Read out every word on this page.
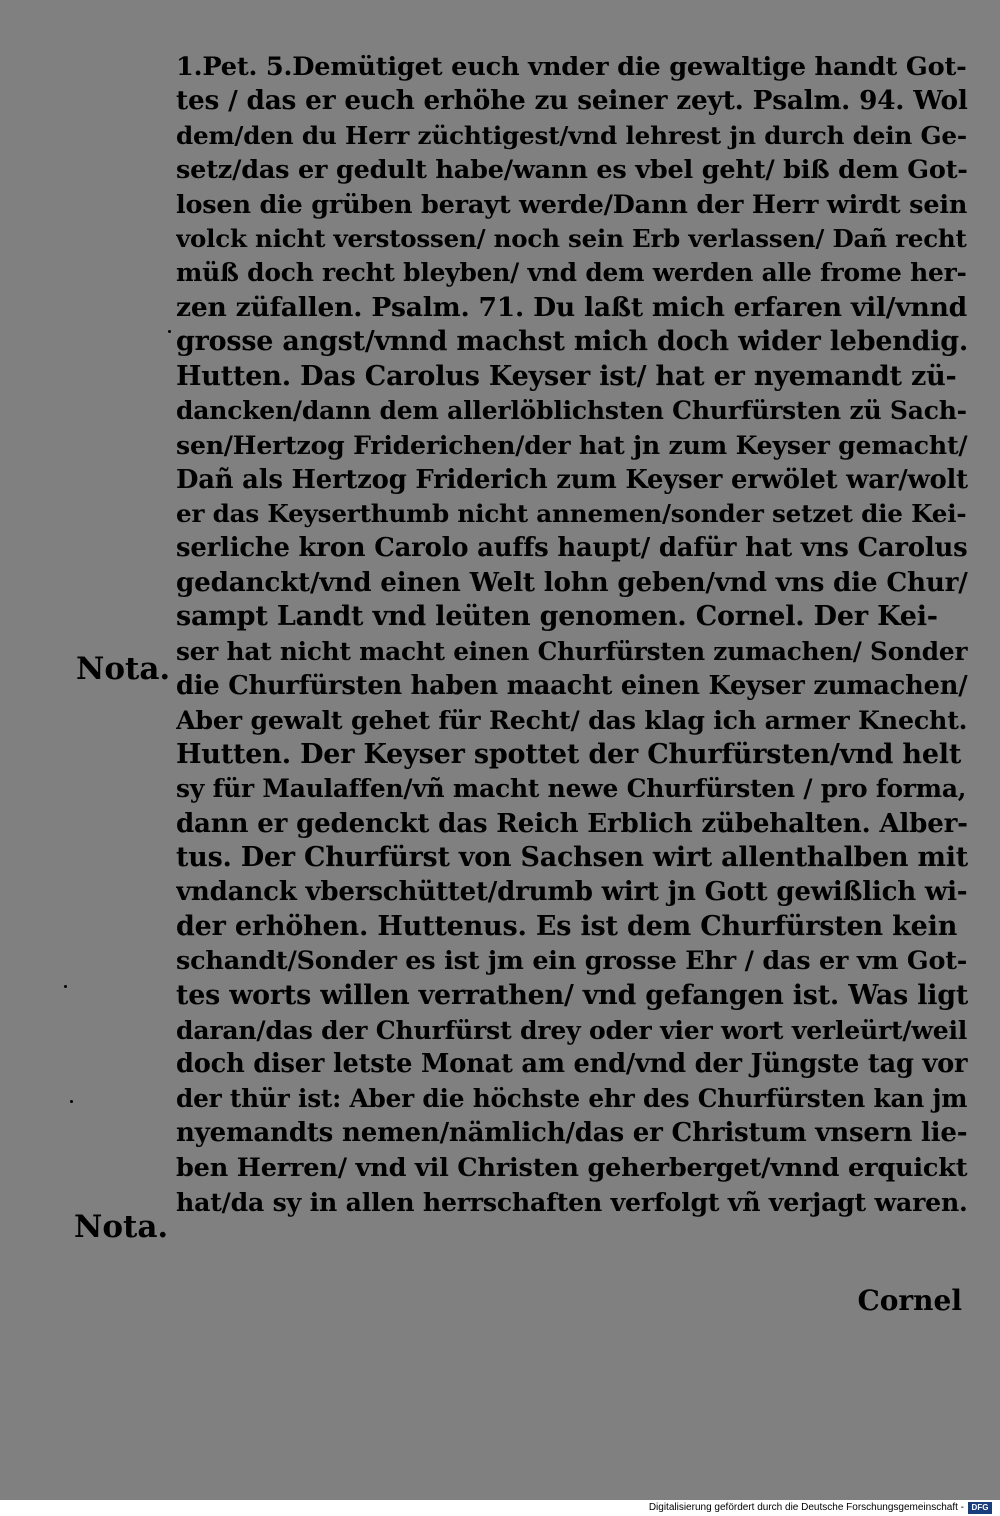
1.Pet. 5.Demütiget euch vnder die gewaltige handt Got-
tes / das er euch erhöhe zu seiner zeyt. Psalm. 94. Wol
dem/den du Herr züchtigest/vnd lehrest jn durch dein Ge-
setz/das er gedult habe/wann es vbel geht/ biß dem Got-
losen die grüben berayt werde/Dann der Herr wirdt sein
volck nicht verstossen/ noch sein Erb verlassen/ Dañ recht
müß doch recht bleyben/ vnd dem werden alle frome her-
zen züfallen. Psalm. 71. Du laßt mich erfaren vil/vnnd
grosse angst/vnnd machst mich doch wider lebendig.
Hutten. Das Carolus Keyser ist/ hat er nyemandt zü-
dancken/dann dem allerlöblichsten Churfürsten zü Sach-
sen/Hertzog Friderichen/der hat jn zum Keyser gemacht/
Dañ als Hertzog Friderich zum Keyser erwölet war/wolt
er das Keyserthumb nicht annemen/sonder setzet die Kei-
serliche kron Carolo auffs haupt/ dafür hat vns Carolus
gedanckt/vnd einen Welt lohn geben/vnd vns die Chur/
sampt Landt vnd leüten genomen. Cornel. Der Kei-
ser hat nicht macht einen Churfürsten zumachen/ Sonder
die Churfürsten haben maacht einen Keyser zumachen/
Aber gewalt gehet für Recht/ das klag ich armer Knecht.
Hutten. Der Keyser spottet der Churfürsten/vnd helt
sy für Maulaffen/vñ macht newe Churfürsten / pro forma,
dann er gedenckt das Reich Erblich zübehalten. Alber-
tus. Der Churfürst von Sachsen wirt allenthalben mit
vndanck vberschüttet/drumb wirt jn Gott gewißlich wi-
der erhöhen. Huttenus. Es ist dem Churfürsten kein
schandt/Sonder es ist jm ein grosse Ehr / das er vm Got-
tes worts willen verrathen/ vnd gefangen ist. Was ligt
daran/das der Churfürst drey oder vier wort verleürt/weil
doch diser letste Monat am end/vnd der Jüngste tag vor
der thür ist: Aber die höchste ehr des Churfürsten kan jm
nyemandts nemen/nämlich/das er Christum vnsern lie-
ben Herren/ vnd vil Christen geherberget/vnnd erquickt
hat/da sy in allen herrschaften verfolgt vñ verjagt waren.
Nota.
Nota.
Cornel
Digitalisierung gefördert durch die Deutsche Forschungsgemeinschaft - DFG
